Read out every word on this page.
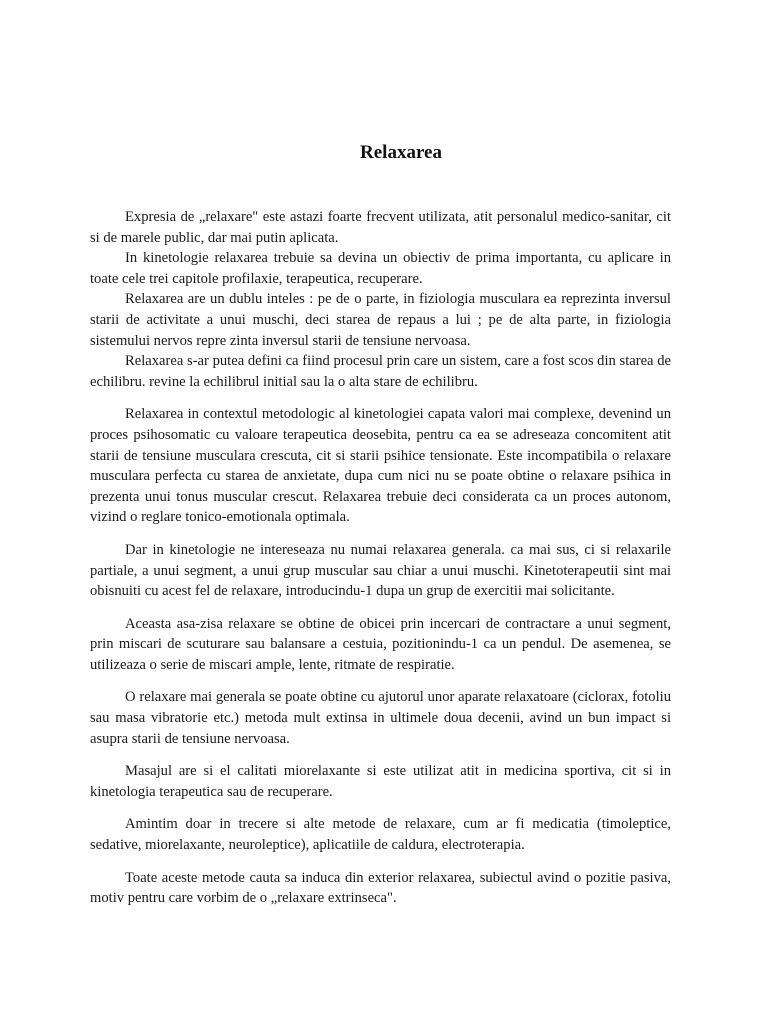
Relaxarea

Expresia de „relaxare" este astazi foarte frecvent utilizata, atit personalul medico-sanitar, cit si de marele public, dar mai putin aplicata.

In kinetologie relaxarea trebuie sa devina un obiectiv de prima importanta, cu aplicare in toate cele trei capitole profilaxie, terapeutica, recuperare.

Relaxarea are un dublu inteles : pe de o parte, in fiziologia musculara ea reprezinta inversul starii de activitate a unui muschi, deci starea de repaus a lui ; pe de alta parte, in fiziologia sistemului nervos repre zinta inversul starii de tensiune nervoasa.

Relaxarea s-ar putea defini ca fiind procesul prin care un sistem, care a fost scos din starea de echilibru. revine la echilibrul initial sau la o alta stare de echilibru.

Relaxarea in contextul metodologic al kinetologiei capata valori mai complexe, devenind un proces psihosomatic cu valoare terapeutica deosebita, pentru ca ea se adreseaza concomitent atit starii de tensiune musculara crescuta, cit si starii psihice tensionate. Este incompatibila o relaxare musculara perfecta cu starea de anxietate, dupa cum nici nu se poate obtine o relaxare psihica in prezenta unui tonus muscular crescut. Relaxarea trebuie deci considerata ca un proces autonom, vizind o reglare tonico-emotionala optimala.

Dar in kinetologie ne intereseaza nu numai relaxarea generala. ca mai sus, ci si relaxarile partiale, a unui segment, a unui grup muscular sau chiar a unui muschi. Kinetoterapeutii sint mai obisnuiti cu acest fel de relaxare, introducindu-1 dupa un grup de exercitii mai solicitante.

Aceasta asa-zisa relaxare se obtine de obicei prin incercari de contractare a unui segment, prin miscari de scuturare sau balansare a cestuia, pozitionindu-1 ca un pendul. De asemenea, se utilizeaza o serie de miscari ample, lente, ritmate de respiratie.

O relaxare mai generala se poate obtine cu ajutorul unor aparate relaxatoare (ciclorax, fotoliu sau masa vibratorie etc.) metoda mult extinsa in ultimele doua decenii, avind un bun impact si asupra starii de tensiune nervoasa.

Masajul are si el calitati miorelaxante si este utilizat atit in medicina sportiva, cit si in kinetologia terapeutica sau de recuperare.

Amintim doar in trecere si alte metode de relaxare, cum ar fi medicatia (timoleptice, sedative, miorelaxante, neuroleptice), aplicatiile de caldura, electroterapia.

Toate aceste metode cauta sa induca din exterior relaxarea, subiectul avind o pozitie pasiva, motiv pentru care vorbim de o „relaxare extrinseca".
